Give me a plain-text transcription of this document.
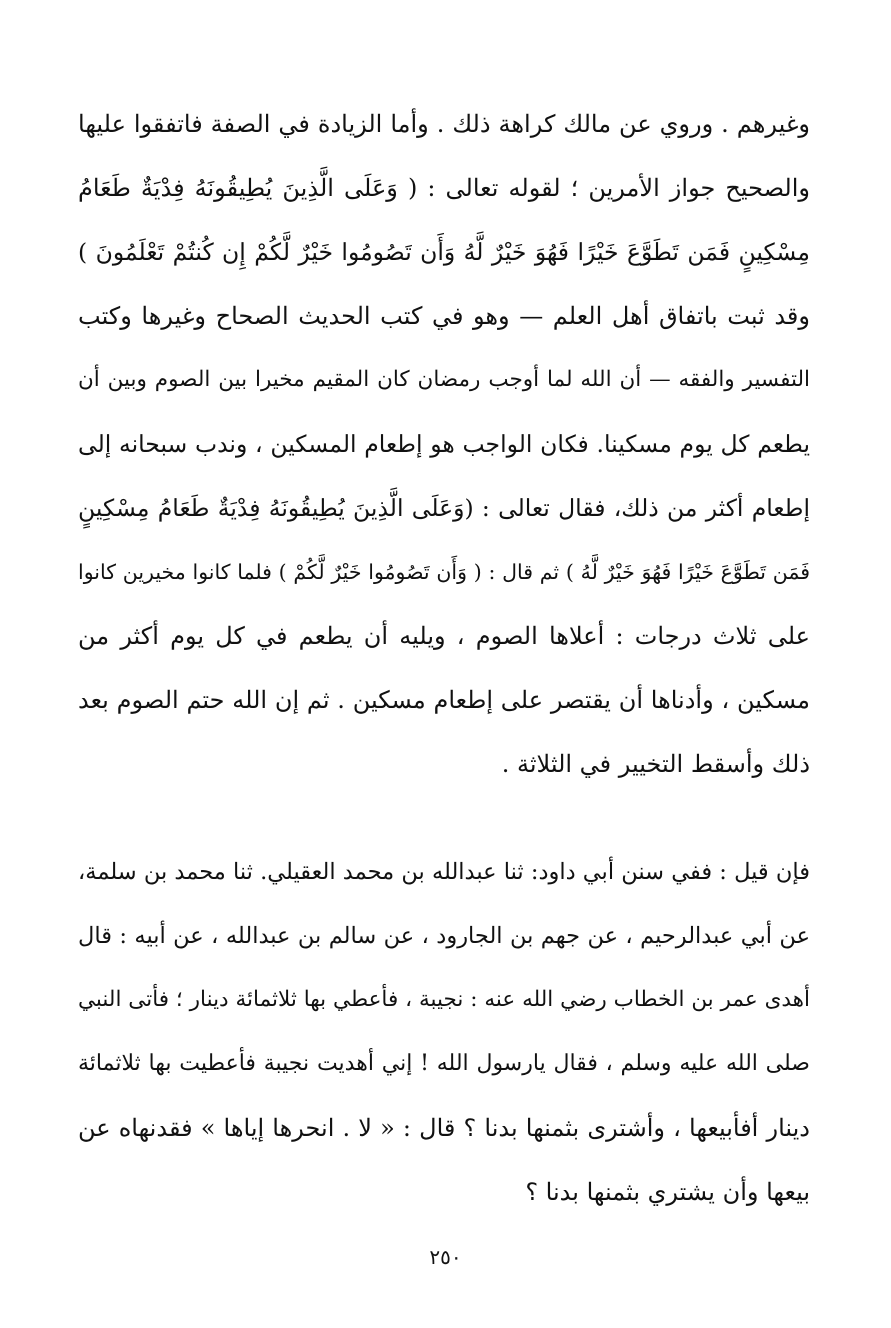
وغيرهم . وروي عن مالك كراهة ذلك . وأما الزيادة في الصفة فاتفقوا عليها
والصحيح جواز الأمرين ؛ لقوله تعالى : ( وَعَلَى الَّذِينَ يُطِيقُونَهُ فِدْيَةٌ طَعَامُ
مِسْكِينٍ فَمَن تَطَوَّعَ خَيْرًا فَهُوَ خَيْرٌ لَّهُ وَأَن تَصُومُوا خَيْرٌ لَّكُمْ إِن كُنتُمْ تَعْلَمُونَ )
وقد ثبت باتفاق أهل العلم — وهو في كتب الحديث الصحاح وغيرها وكتب
التفسير والفقه — أن الله لما أوجب رمضان كان المقيم مخيرا بين الصوم وبين أن
يطعم كل يوم مسكينا. فكان الواجب هو إطعام المسكين ، وندب سبحانه إلى
إطعام أكثر من ذلك، فقال تعالى : (وَعَلَى الَّذِينَ يُطِيقُونَهُ فِدْيَةٌ طَعَامُ مِسْكِينٍ
فَمَن تَطَوَّعَ خَيْرًا فَهُوَ خَيْرٌ لَّهُ ) ثم قال : ( وَأَن تَصُومُوا خَيْرٌ لَّكُمْ ) فلما كانوا مخيرين كانوا
على ثلاث درجات : أعلاها الصوم ، ويليه أن يطعم في كل يوم أكثر من
مسكين ، وأدناها أن يقتصر على إطعام مسكين . ثم إن الله حتم الصوم بعد
ذلك وأسقط التخيير في الثلاثة .
فإن قيل : ففي سنن أبي داود: ثنا عبدالله بن محمد العقيلي. ثنا محمد بن سلمة،
عن أبي عبدالرحيم ، عن جهم بن الجارود ، عن سالم بن عبدالله ، عن أبيه : قال
أهدى عمر بن الخطاب رضي الله عنه : نجيبة ، فأعطي بها ثلاثمائة دينار ؛ فأتى النبي
صلى الله عليه وسلم ، فقال يارسول الله ! إني أهديت نجيبة فأعطيت بها ثلاثمائة
دينار أفأبيعها ، وأشترى بثمنها بدنا ؟ قال : « لا . انحرها إياها » فقدنهاه عن
بيعها وأن يشتري بثمنها بدنا ؟
٢٥٠
